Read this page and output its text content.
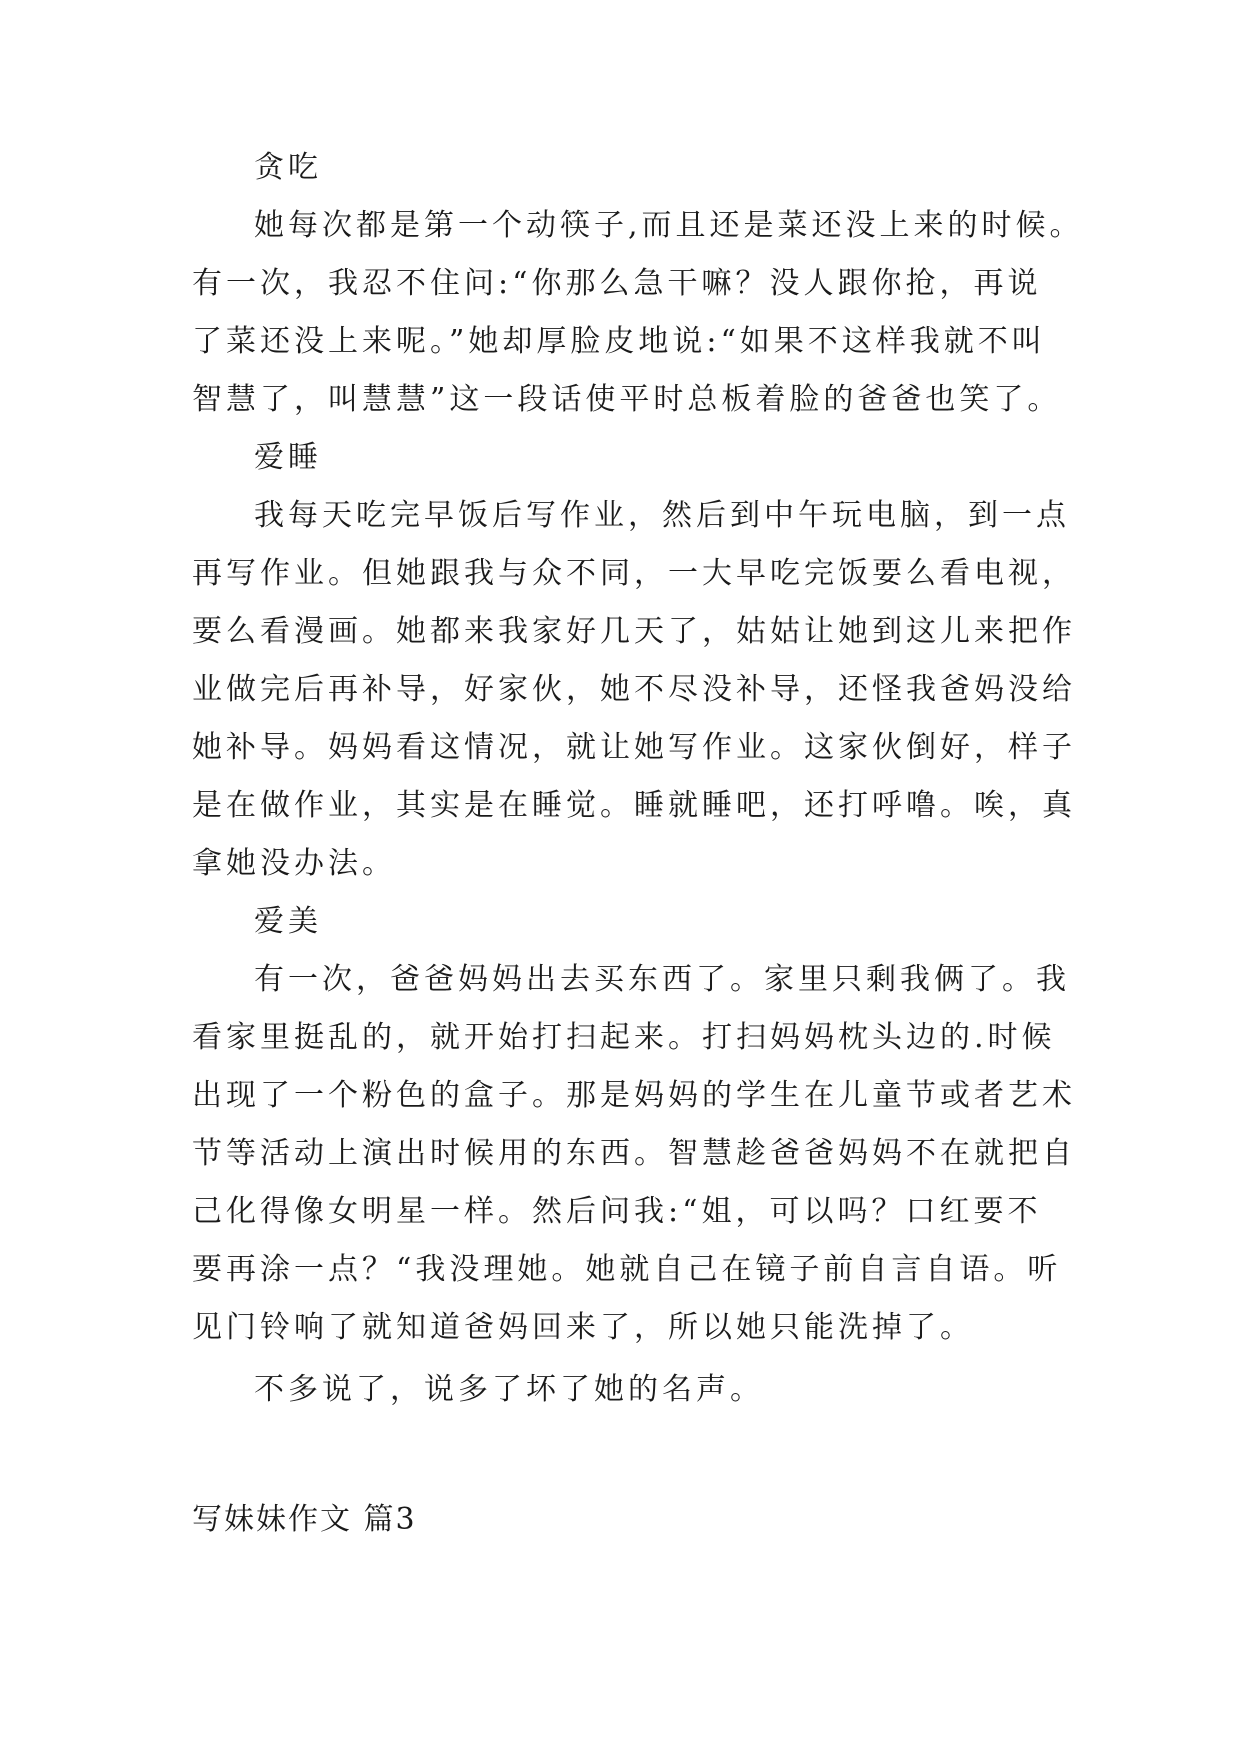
贪吃
她每次都是第一个动筷子,而且还是菜还没上来的时候。
有一次，我忍不住问:“你那么急干嘛？没人跟你抢，再说
了菜还没上来呢。”她却厚脸皮地说:“如果不这样我就不叫
智慧了，叫慧慧”这一段话使平时总板着脸的爸爸也笑了。
爱睡
我每天吃完早饭后写作业，然后到中午玩电脑，到一点
再写作业。但她跟我与众不同，一大早吃完饭要么看电视，
要么看漫画。她都来我家好几天了，姑姑让她到这儿来把作
业做完后再补导，好家伙，她不尽没补导，还怪我爸妈没给
她补导。妈妈看这情况，就让她写作业。这家伙倒好，样子
是在做作业，其实是在睡觉。睡就睡吧，还打呼噜。唉，真
拿她没办法。
爱美
有一次，爸爸妈妈出去买东西了。家里只剩我俩了。我
看家里挺乱的，就开始打扫起来。打扫妈妈枕头边的.时候
出现了一个粉色的盒子。那是妈妈的学生在儿童节或者艺术
节等活动上演出时候用的东西。智慧趁爸爸妈妈不在就把自
己化得像女明星一样。然后问我:“姐，可以吗？口红要不
要再涂一点？“我没理她。她就自己在镜子前自言自语。听
见门铃响了就知道爸妈回来了，所以她只能洗掉了。
不多说了，说多了坏了她的名声。
写妹妹作文 篇3
